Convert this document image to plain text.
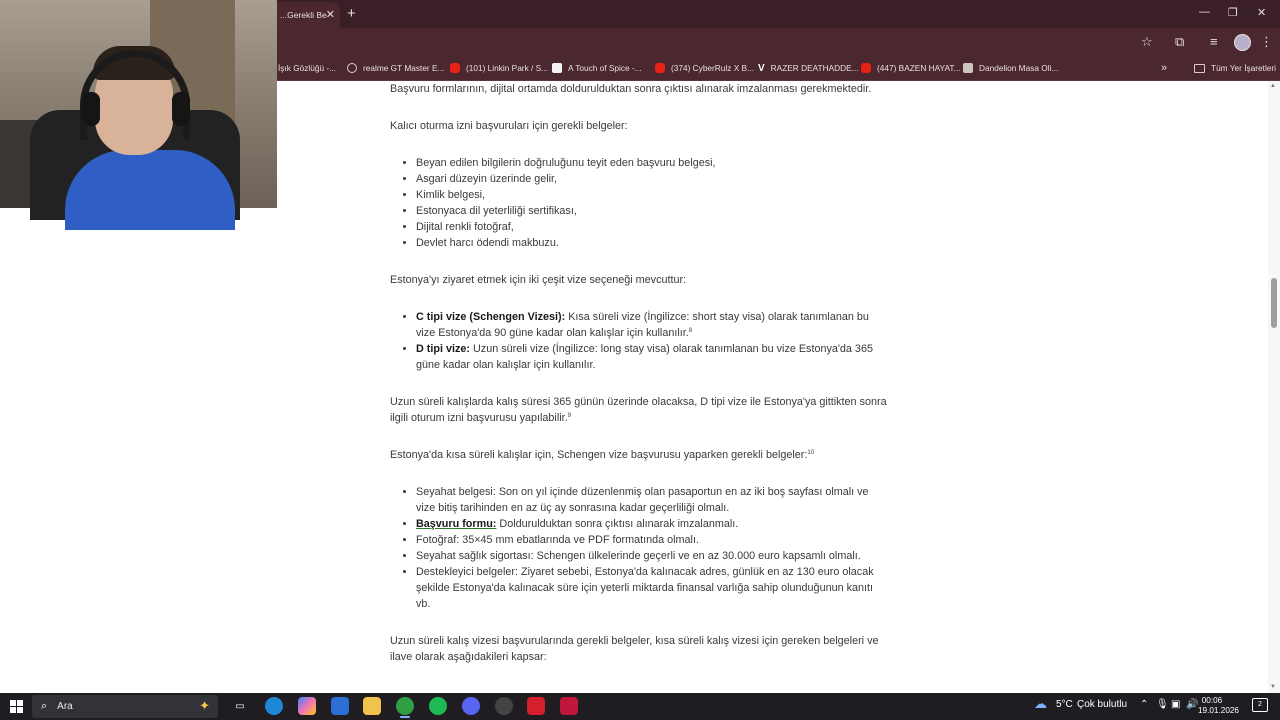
...Gerekli Be ✕ +	— ❐ ✕
☆ ⧉ ≡	⋮
İşık Gözlüğü -...	realme GT Master E...	(101) Linkin Park / S... A Touch of Spice -...	(374) CyberRulz X B... V RAZER DEATHADDE... (447) BAZEN HAYAT... Dandelion Masa Oli...	»	Tüm Yer İşaretleri

Başvuru formlarının, dijital ortamda doldurulduktan sonra çıktısı alınarak imzalanması gerekmektedir.

Kalıcı oturma izni başvuruları için gerekli belgeler:

• Beyan edilen bilgilerin doğruluğunu teyit eden başvuru belgesi,
• Asgari düzeyin üzerinde gelir,
• Kimlik belgesi,
• Estonyaca dil yeterliliği sertifikası,
• Dijital renkli fotoğraf,
• Devlet harcı ödendi makbuzu.

Estonya'yı ziyaret etmek için iki çeşit vize seçeneği mevcuttur:

• C tipi vize (Schengen Vizesi): Kısa süreli vize (İngilizce: short stay visa) olarak tanımlanan bu vize Estonya'da 90 güne kadar olan kalışlar için kullanılır.$^8$
• D tipi vize: Uzun süreli vize (İngilizce: long stay visa) olarak tanımlanan bu vize Estonya'da 365 güne kadar olan kalışlar için kullanılır.

Uzun süreli kalışlarda kalış süresi 365 günün üzerinde olacaksa, D tipi vize ile Estonya'ya gittikten sonra ilgili oturum izni başvurusu yapılabilir.$^9$

Estonya'da kısa süreli kalışlar için, Schengen vize başvurusu yaparken gerekli belgeler:$^{10}$

• Seyahat belgesi: Son on yıl içinde düzenlenmiş olan pasaportun en az iki boş sayfası olmalı ve vize bitiş tarihinden en az üç ay sonrasına kadar geçerliliği olmalı.
• Başvuru formu: Doldurulduktan sonra çıktısı alınarak imzalanmalı.
• Fotoğraf: 35×45 mm ebatlarında ve PDF formatında olmalı.
• Seyahat sağlık sigortası: Schengen ülkelerinde geçerli ve en az 30.000 euro kapsamlı olmalı.
• Destekleyici belgeler: Ziyaret sebebi, Estonya'da kalınacak adres, günlük en az 130 euro olacak şekilde Estonya'da kalınacak süre için yeterli miktarda finansal varlığa sahip olunduğunun kanıtı vb.

Uzun süreli kalış vizesi başvurularında gerekli belgeler, kısa süreli kalış vizesi için gereken belgeleri ve ilave olarak aşağıdakileri kapsar:

▲
▼
⌕ Ara	✦	▭	☁ 5°C Çok bulutlu ⌃ 🎙 ▣ 🔊 00:06
19.01.2026
2
